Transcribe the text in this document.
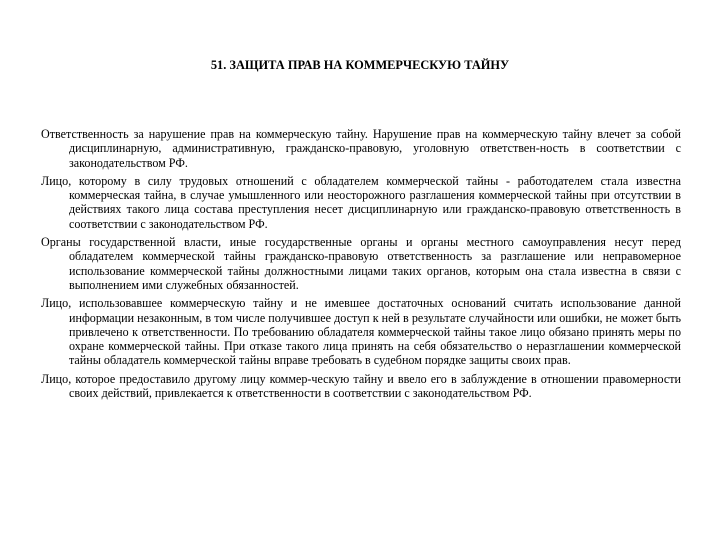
51. ЗАЩИТА ПРАВ НА КОММЕРЧЕСКУЮ ТАЙНУ

Ответственность за нарушение прав на коммерческую тайну. Нарушение прав на коммерческую тайну влечет за собой дисциплинарную, административную, гражданско-правовую, уголовную ответствен-ность в соответствии с законодательством РФ.

Лицо, которому в силу трудовых отношений с обладателем коммерческой тайны - работодателем стала известна коммерческая тайна, в случае умышленного или неосторожного разглашения коммерческой тайны при отсутствии в действиях такого лица состава преступления несет дисциплинарную или гражданско-правовую ответственность в соответствии с законодательством РФ.

Органы государственной власти, иные государственные органы и органы местного самоуправления несут перед обладателем коммерческой тайны гражданско-правовую ответственность за разглашение или неправомерное использование коммерческой тайны должностными лицами таких органов, которым она стала известна в связи с выполнением ими служебных обязанностей.

Лицо, использовавшее коммерческую тайну и не имевшее достаточных оснований считать использование данной информации незаконным, в том числе получившее доступ к ней в результате случайности или ошибки, не может быть привлечено к ответственности. По требованию обладателя коммерческой тайны такое лицо обязано принять меры по охране коммерческой тайны. При отказе такого лица принять на себя обязательство о неразглашении коммерческой тайны обладатель коммерческой тайны вправе требовать в судебном порядке защиты своих прав.

Лицо, которое предоставило другому лицу коммер-ческую тайну и ввело его в заблуждение в отношении правомерности своих действий, привлекается к ответственности в соответствии с законодательством РФ.
